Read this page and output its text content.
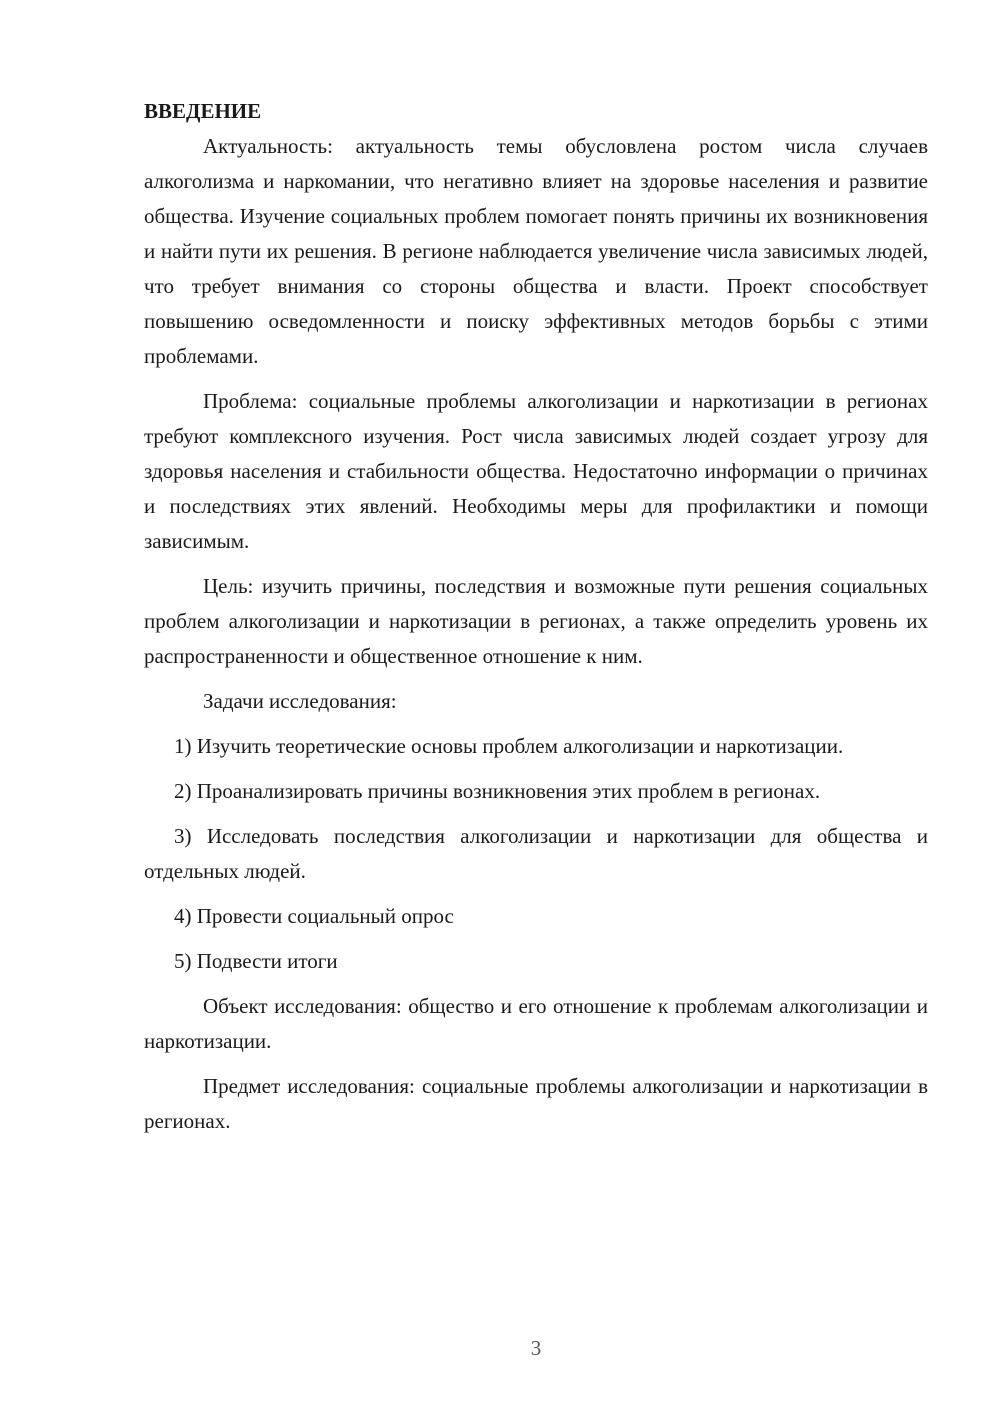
ВВЕДЕНИЕ

Актуальность: актуальность темы обусловлена ростом числа случаев алкоголизма и наркомании, что негативно влияет на здоровье населения и развитие общества. Изучение социальных проблем помогает понять причины их возникновения и найти пути их решения. В регионе наблюдается увеличение числа зависимых людей, что требует внимания со стороны общества и власти. Проект способствует повышению осведомленности и поиску эффективных методов борьбы с этими проблемами.

Проблема: социальные проблемы алкоголизации и наркотизации в регионах требуют комплексного изучения. Рост числа зависимых людей создает угрозу для здоровья населения и стабильности общества. Недостаточно информации о причинах и последствиях этих явлений. Необходимы меры для профилактики и помощи зависимым.

Цель: изучить причины, последствия и возможные пути решения социальных проблем алкоголизации и наркотизации в регионах, а также определить уровень их распространенности и общественное отношение к ним.

Задачи исследования:

1) Изучить теоретические основы проблем алкоголизации и наркотизации.

2) Проанализировать причины возникновения этих проблем в регионах.

3) Исследовать последствия алкоголизации и наркотизации для общества и отдельных людей.

4) Провести социальный опрос

5) Подвести итоги

Объект исследования: общество и его отношение к проблемам алкоголизации и наркотизации.

Предмет исследования: социальные проблемы алкоголизации и наркотизации в регионах.

3
